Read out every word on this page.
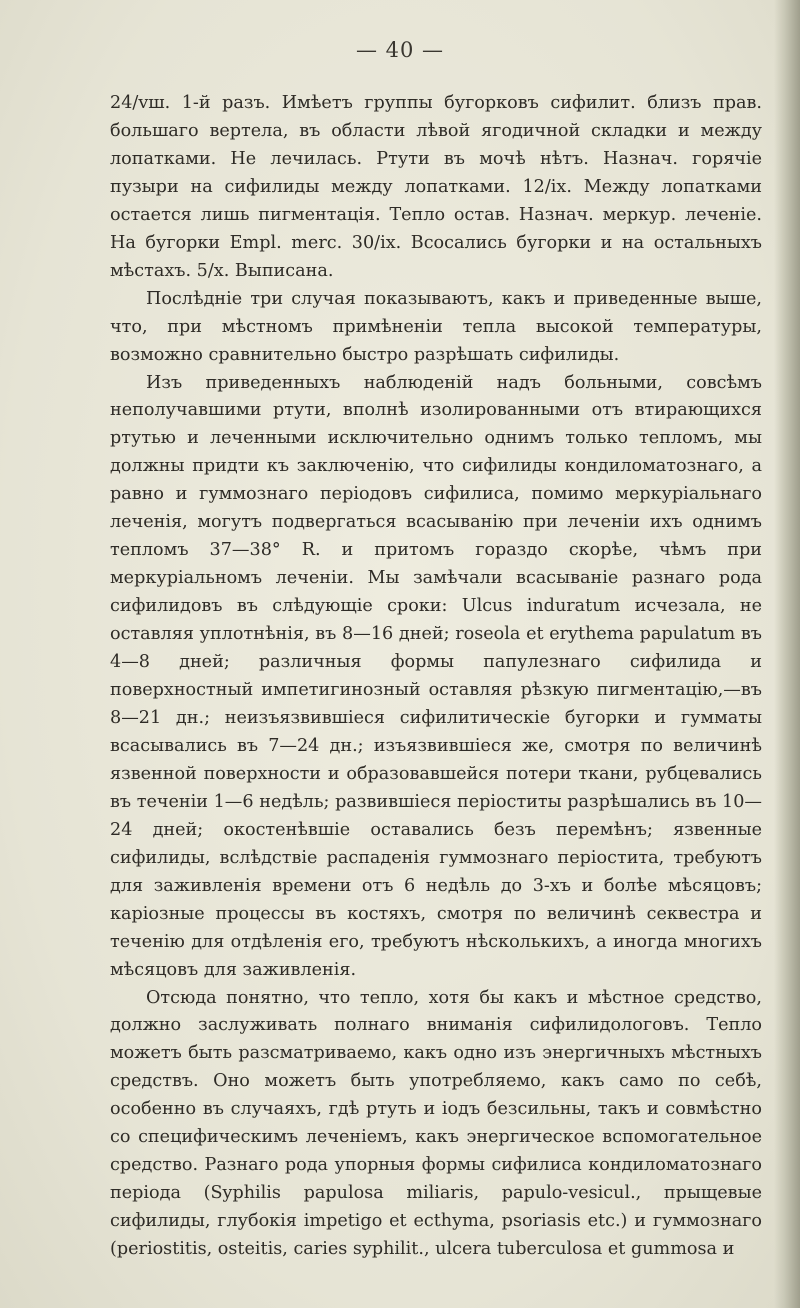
— 40 —

24/vш. 1-й разъ. Имѣетъ группы бугорковъ сифилит. близъ прав. большаго вертела, въ области лѣвой ягодичной складки и между лопатками. Не лечилась. Ртути въ мочѣ нѣтъ. Назнач. горячіе пузыри на сифилиды между лопатками. 12/ix. Между лопатками остается лишь пигментація. Тепло остав. Назнач. меркур. леченіе. На бугорки Emрl. merc. 30/ix. Всосались бугорки и на остальныхъ мѣстахъ. 5/x. Выписана.

Послѣдніе три случая показываютъ, какъ и приведенные выше, что, при мѣстномъ примѣненіи тепла высокой температуры, возможно сравнительно быстро разрѣшать сифилиды.

Изъ приведенныхъ наблюденій надъ больными, совсѣмъ неполучавшими ртути, вполнѣ изолированными отъ втирающихся ртутью и леченными исключительно однимъ только тепломъ, мы должны придти къ заключенію, что сифилиды кондиломатознаго, а равно и гуммознаго періодовъ сифилиса, помимо меркуріальнаго леченія, могутъ подвергаться всасыванію при леченіи ихъ однимъ тепломъ 37—38° R. и притомъ гораздо скорѣе, чѣмъ при меркуріальномъ леченіи. Мы замѣчали всасываніе разнаго рода сифилидовъ въ слѣдующіе сроки: Ulcus induratum исчезала, не оставляя уплотнѣнія, въ 8—16 дней; roseola et erythema papulatum въ 4—8 дней; различныя формы папулезнаго сифилида и поверхностный импетигинозный оставляя рѣзкую пигментацію,—въ 8—21 дн.; неизъязвившіеся сифилитическіе бугорки и гумматы всасывались въ 7—24 дн.; изъязвившіеся же, смотря по величинѣ язвенной поверхности и образовавшейся потери ткани, рубцевались въ теченіи 1—6 недѣль; развившіеся періоститы разрѣшались въ 10—24 дней; окостенѣвшіе оставались безъ перемѣнъ; язвенные сифилиды, вслѣдствіе распаденія гуммознаго періостита, требуютъ для заживленія времени отъ 6 недѣль до 3-хъ и болѣе мѣсяцовъ; каріозные процессы въ костяхъ, смотря по величинѣ секвестра и теченію для отдѣленія его, требуютъ нѣсколькихъ, а иногда многихъ мѣсяцовъ для заживленія.

Отсюда понятно, что тепло, хотя бы какъ и мѣстное средство, должно заслуживать полнаго вниманія сифилидологовъ. Тепло можетъ быть разсматриваемо, какъ одно изъ энергичныхъ мѣстныхъ средствъ. Оно можетъ быть употребляемо, какъ само по себѣ, особенно въ случаяхъ, гдѣ ртуть и іодъ безсильны, такъ и совмѣстно со специфическимъ леченіемъ, какъ энергическое вспомогательное средство. Разнаго рода упорныя формы сифилиса кондиломатознаго періода (Syphilis papulosa miliaris, papulo-vesicul., прыщевые сифилиды, глубокія impetigo et ecthyma, psoriasis etc.) и гуммознаго (periostitis, osteitis, caries syphilit., ulcera tuberculosa et gummosa и
